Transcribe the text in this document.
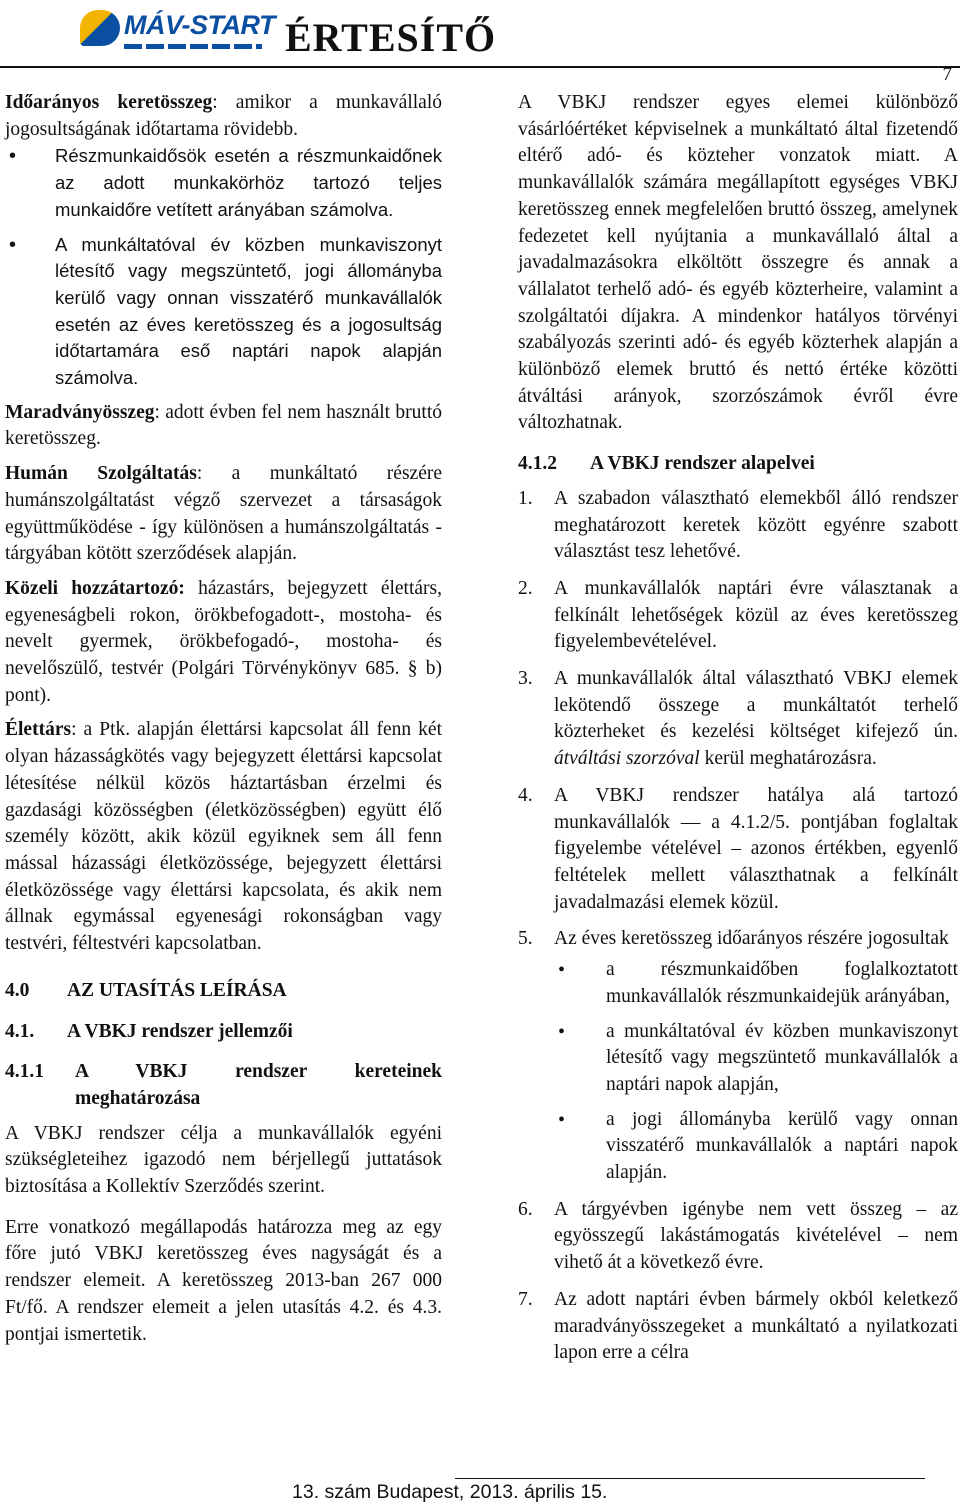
MÁV-START ÉRTESÍTŐ
7

Időarányos keretösszeg: amikor a munkavállaló jogosultságának időtartama rövidebb.

• Részmunkaidősök esetén a részmunkaidőnek az adott munkakörhöz tartozó teljes munkaidőre vetített arányában számolva.
• A munkáltatóval év közben munkaviszonyt létesítő vagy megszüntető, jogi állományba kerülő vagy onnan visszatérő munkavállalók esetén az éves keretösszeg és a jogosultság időtartamára eső naptári napok alapján számolva.

Maradványösszeg: adott évben fel nem használt bruttó keretösszeg.

Humán Szolgáltatás: a munkáltató részére humánszolgáltatást végző szervezet a társaságok együttműködése - így különösen a humánszolgáltatás - tárgyában kötött szerződések alapján.

Közeli hozzátartozó: házastárs, bejegyzett élettárs, egyeneságbeli rokon, örökbefogadott-, mostoha- és nevelt gyermek, örökbefogadó-, mostoha- és nevelőszülő, testvér (Polgári Törvénykönyv 685. § b) pont).

Élettárs: a Ptk. alapján élettársi kapcsolat áll fenn két olyan házasságkötés vagy bejegyzett élettársi kapcsolat létesítése nélkül közös háztartásban érzelmi és gazdasági közösségben (életközösségben) együtt élő személy között, akik közül egyiknek sem áll fenn mással házassági életközössége, bejegyzett élettársi életközössége vagy élettársi kapcsolata, és akik nem állnak egymással egyenesági rokonságban vagy testvéri, féltestvéri kapcsolatban.

4.0 AZ UTASÍTÁS LEÍRÁSA
4.1. A VBKJ rendszer jellemzői
4.1.1 A VBKJ rendszer kereteinek meghatározása

A VBKJ rendszer célja a munkavállalók egyéni szükségleteihez igazodó nem bérjellegű juttatások biztosítása a Kollektív Szerződés szerint.

Erre vonatkozó megállapodás határozza meg az egy főre jutó VBKJ keretösszeg éves nagyságát és a rendszer elemeit. A keretösszeg 2013-ban 267 000 Ft/fő. A rendszer elemeit a jelen utasítás 4.2. és 4.3. pontjai ismertetik.

A VBKJ rendszer egyes elemei különböző vásárlóértéket képviselnek a munkáltató által fizetendő eltérő adó- és közteher vonzatok miatt. A munkavállalók számára megállapított egységes VBKJ keretösszeg ennek megfelelően bruttó összeg, amelynek fedezetet kell nyújtania a munkavállaló által a javadalmazásokra elköltött összegre és annak a vállalatot terhelő adó- és egyéb közterheire, valamint a szolgáltatói díjakra. A mindenkor hatályos törvényi szabályozás szerinti adó- és egyéb közterhek alapján a különböző elemek bruttó és nettó értéke közötti átváltási arányok, szorzószámok évről évre változhatnak.

4.1.2 A VBKJ rendszer alapelvei
1. A szabadon választható elemekből álló rendszer meghatározott keretek között egyénre szabott választást tesz lehetővé.
2. A munkavállalók naptári évre választanak a felkínált lehetőségek közül az éves keretösszeg figyelembevételével.
3. A munkavállalók által választható VBKJ elemek lekötendő összege a munkáltatót terhelő közterheket és kezelési költséget kifejező ún. átváltási szorzóval kerül meghatározásra.
4. A VBKJ rendszer hatálya alá tartozó munkavállalók — a 4.1.2/5. pontjában foglaltak figyelembe vételével – azonos értékben, egyenlő feltételek mellett választhatnak a felkínált javadalmazási elemek közül.
5. Az éves keretösszeg időarányos részére jogosultak
• a részmunkaidőben foglalkoztatott munkavállalók részmunkaidejük arányában,
• a munkáltatóval év közben munkaviszonyt létesítő vagy megszüntető munkavállalók a naptári napok alapján,
• a jogi állományba kerülő vagy onnan visszatérő munkavállalók a naptári napok alapján.
6. A tárgyévben igénybe nem vett összeg – az egyösszegű lakástámogatás kivételével – nem vihető át a következő évre.
7. Az adott naptári évben bármely okból keletkező maradványösszegeket a munkáltató a nyilatkozati lapon erre a célra
13. szám Budapest, 2013. április 15.
